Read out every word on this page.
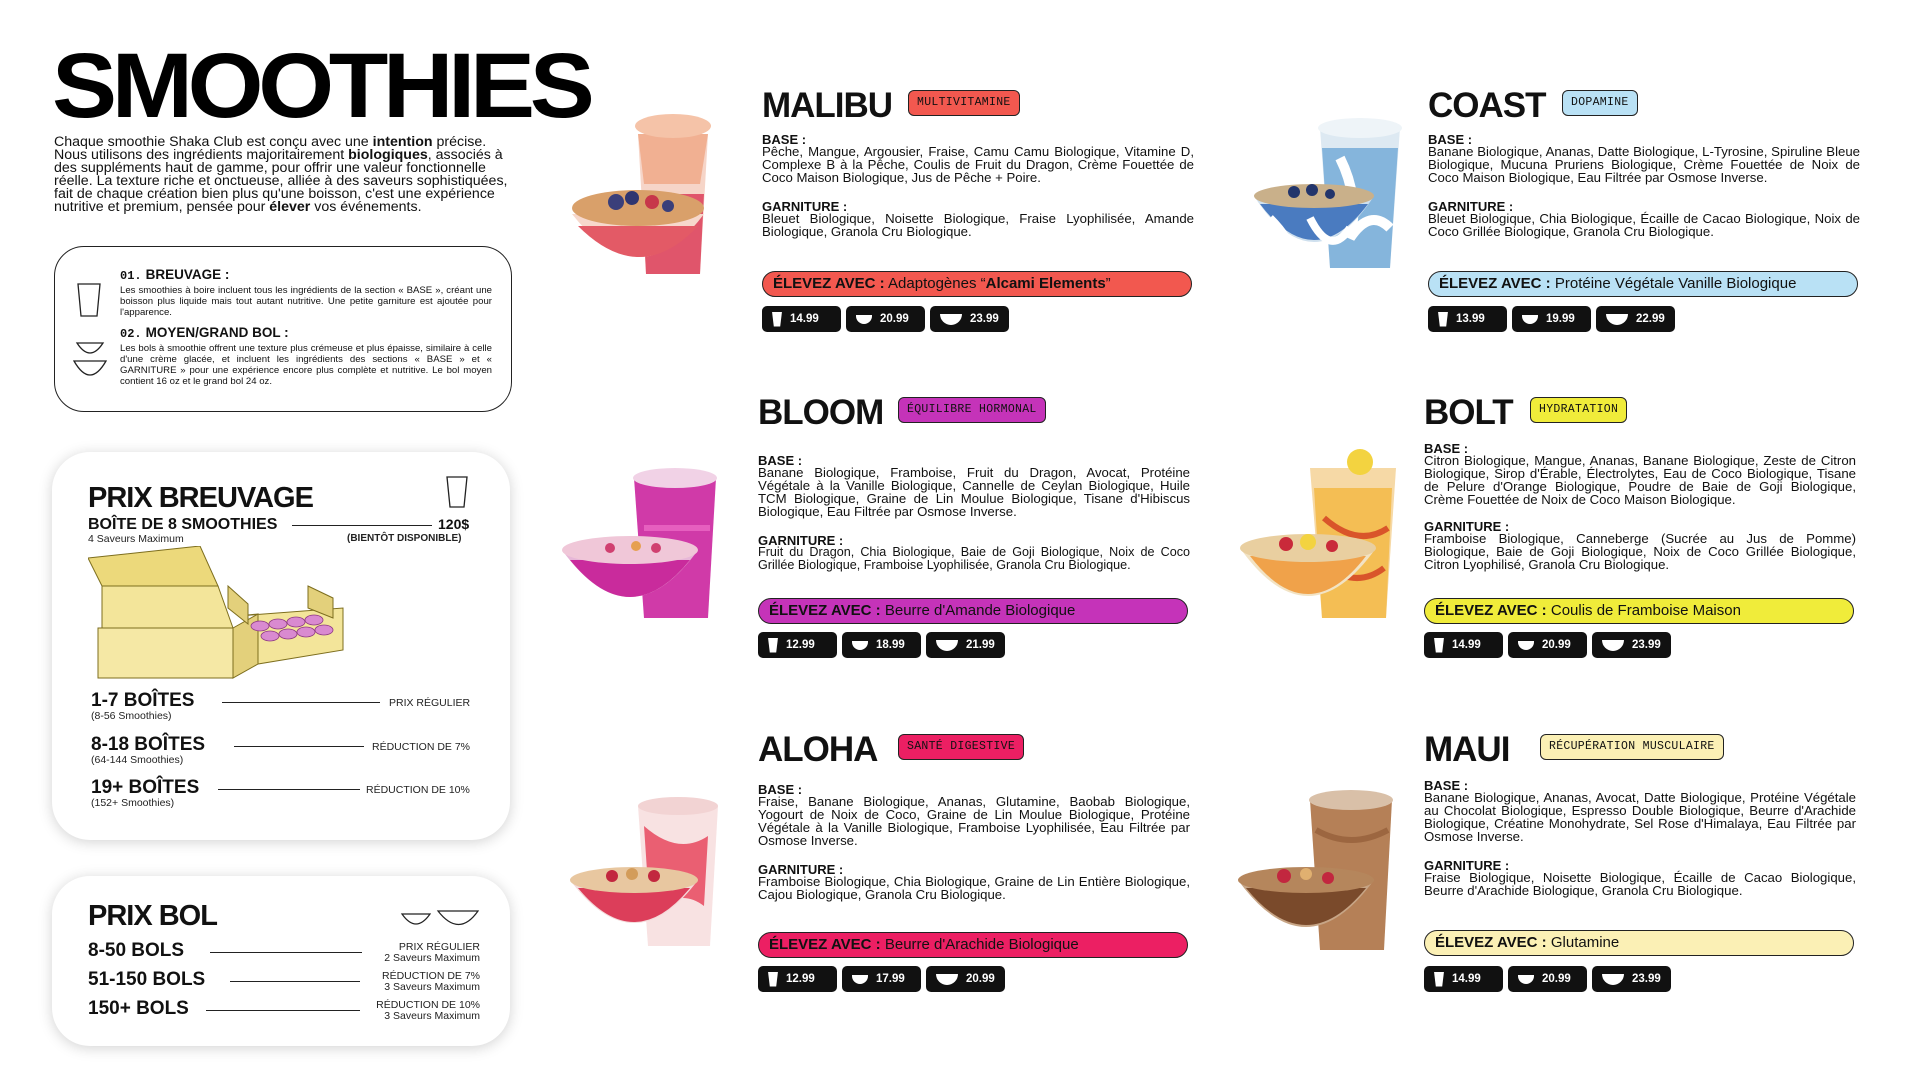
SMOOTHIES

Chaque smoothie Shaka Club est conçu avec une intention précise. Nous utilisons des ingrédients majoritairement biologiques, associés à des suppléments haut de gamme, pour offrir une valeur fonctionnelle réelle. La texture riche et onctueuse, alliée à des saveurs sophistiquées, fait de chaque création bien plus qu'une boisson, c'est une expérience nutritive et premium, pensée pour élever vos événements.

01. BREUVAGE :
Les smoothies à boire incluent tous les ingrédients de la section « BASE », créant une boisson plus liquide mais tout autant nutritive. Une petite garniture est ajoutée pour l'apparence.
02. MOYEN/GRAND BOL :
Les bols à smoothie offrent une texture plus crémeuse et plus épaisse, similaire à celle d'une crème glacée, et incluent les ingrédients des sections « BASE » et « GARNITURE » pour une expérience encore plus complète et nutritive. Le bol moyen contient 16 oz et le grand bol 24 oz.
PRIX BREUVAGE
BOÎTE DE 8 SMOOTHIES	120$
4 Saveurs Maximum	(BIENTÔT DISPONIBLE)
1-7 BOÎTES	PRIX RÉGULIER
(8-56 Smoothies)
8-18 BOÎTES	RÉDUCTION DE 7%
(64-144 Smoothies)
19+ BOÎTES	RÉDUCTION DE 10%
(152+ Smoothies)
PRIX BOL
8-50 BOLS	PRIX RÉGULIER
2 Saveurs Maximum
51-150 BOLS	RÉDUCTION DE 7%
3 Saveurs Maximum
150+ BOLS	RÉDUCTION DE 10%
3 Saveurs Maximum
MALIBU	MULTIVITAMINE
BASE :
Pêche, Mangue, Argousier, Fraise, Camu Camu Biologique, Vitamine D, Complexe B à la Pêche, Coulis de Fruit du Dragon, Crème Fouettée de Coco Maison Biologique, Jus de Pêche + Poire.
GARNITURE :
Bleuet Biologique, Noisette Biologique, Fraise Lyophilisée, Amande Biologique, Granola Cru Biologique.
ÉLEVEZ AVEC : Adaptogènes “Alcami Elements”
14.99	20.99	23.99
COAST	DOPAMINE
BASE :
Banane Biologique, Ananas, Datte Biologique, L-Tyrosine, Spiruline Bleue Biologique, Mucuna Pruriens Biologique, Crème Fouettée de Noix de Coco Maison Biologique, Eau Filtrée par Osmose Inverse.
GARNITURE :
Bleuet Biologique, Chia Biologique, Écaille de Cacao Biologique, Noix de Coco Grillée Biologique, Granola Cru Biologique.
ÉLEVEZ AVEC : Protéine Végétale Vanille Biologique
13.99	19.99	22.99
BLOOM	ÉQUILIBRE HORMONAL
BASE :
Banane Biologique, Framboise, Fruit du Dragon, Avocat, Protéine Végétale à la Vanille Biologique, Cannelle de Ceylan Biologique, Huile TCM Biologique, Graine de Lin Moulue Biologique, Tisane d'Hibiscus Biologique, Eau Filtrée par Osmose Inverse.
GARNITURE :
Fruit du Dragon, Chia Biologique, Baie de Goji Biologique, Noix de Coco Grillée Biologique, Framboise Lyophilisée, Granola Cru Biologique.
ÉLEVEZ AVEC : Beurre d'Amande Biologique
12.99	18.99	21.99
BOLT	HYDRATATION
BASE :
Citron Biologique, Mangue, Ananas, Banane Biologique, Zeste de Citron Biologique, Sirop d'Érable, Électrolytes, Eau de Coco Biologique, Tisane de Pelure d'Orange Biologique, Poudre de Baie de Goji Biologique, Crème Fouettée de Noix de Coco Maison Biologique.
GARNITURE :
Framboise Biologique, Canneberge (Sucrée au Jus de Pomme) Biologique, Baie de Goji Biologique, Noix de Coco Grillée Biologique, Citron Lyophilisé, Granola Cru Biologique.
ÉLEVEZ AVEC : Coulis de Framboise Maison
14.99	20.99	23.99
ALOHA	SANTÉ DIGESTIVE
BASE :
Fraise, Banane Biologique, Ananas, Glutamine, Baobab Biologique, Yogourt de Noix de Coco, Graine de Lin Moulue Biologique, Protéine Végétale à la Vanille Biologique, Framboise Lyophilisée, Eau Filtrée par Osmose Inverse.
GARNITURE :
Framboise Biologique, Chia Biologique, Graine de Lin Entière Biologique, Cajou Biologique, Granola Cru Biologique.
ÉLEVEZ AVEC : Beurre d'Arachide Biologique
12.99	17.99	20.99
MAUI	RÉCUPÉRATION MUSCULAIRE
BASE :
Banane Biologique, Ananas, Avocat, Datte Biologique, Protéine Végétale au Chocolat Biologique, Espresso Double Biologique, Beurre d'Arachide Biologique, Créatine Monohydrate, Sel Rose d'Himalaya, Eau Filtrée par Osmose Inverse.
GARNITURE :
Fraise Biologique, Noisette Biologique, Écaille de Cacao Biologique, Beurre d'Arachide Biologique, Granola Cru Biologique.
ÉLEVEZ AVEC : Glutamine
14.99	20.99	23.99
